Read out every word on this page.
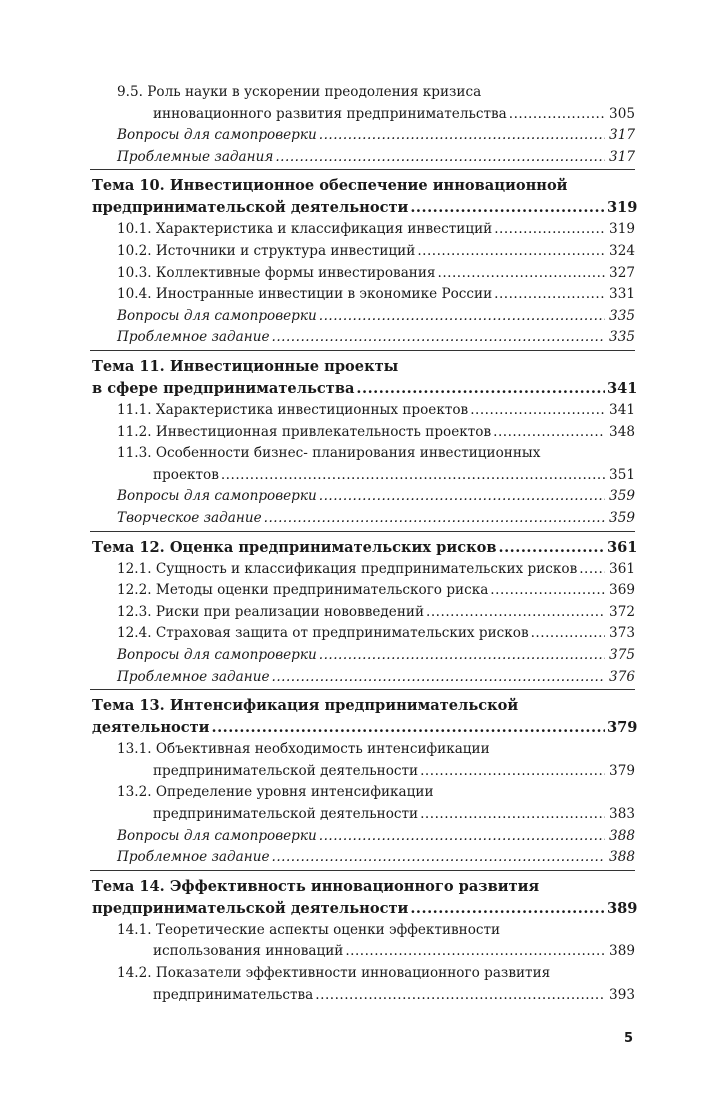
9.5. Роль науки в ускорении преодоления кризиса
инновационного развития предпринимательства .....	305
Вопросы для самопроверки .....	317
Проблемные задания .....	317
Тема 10. Инвестиционное обеспечение инновационной
предпринимательской деятельности .....	319
10.1. Характеристика и классификация инвестиций .....	319
10.2. Источники и структура инвестиций .....	324
10.3. Коллективные формы инвестирования .....	327
10.4. Иностранные инвестиции в экономике России .....	331
Вопросы для самопроверки .....	335
Проблемное задание .....	335
Тема 11. Инвестиционные проекты
в сфере предпринимательства .....	341
11.1. Характеристика инвестиционных проектов .....	341
11.2. Инвестиционная привлекательность проектов .....	348
11.3. Особенности бизнес- планирования инвестиционных
проектов .....	351
Вопросы для самопроверки .....	359
Творческое задание .....	359
Тема 12. Оценка предпринимательских рисков .....	361
12.1. Сущность и классификация предпринимательских рисков ..... 361
12.2. Методы оценки предпринимательского риска .....	369
12.3. Риски при реализации нововведений .....	372
12.4. Страховая защита от предпринимательских рисков .....	373
Вопросы для самопроверки .....	375
Проблемное задание .....	376
Тема 13. Интенсификация предпринимательской
деятельности .....	379
13.1. Объективная необходимость интенсификации
предпринимательской деятельности .....	379
13.2. Определение уровня интенсификации
предпринимательской деятельности .....	383
Вопросы для самопроверки .....	388
Проблемное задание .....	388
Тема 14. Эффективность инновационного развития
предпринимательской деятельности .....	389
14.1. Теоретические аспекты оценки эффективности
использования инноваций .....	389
14.2. Показатели эффективности инновационного развития
предпринимательства .....	393
5
